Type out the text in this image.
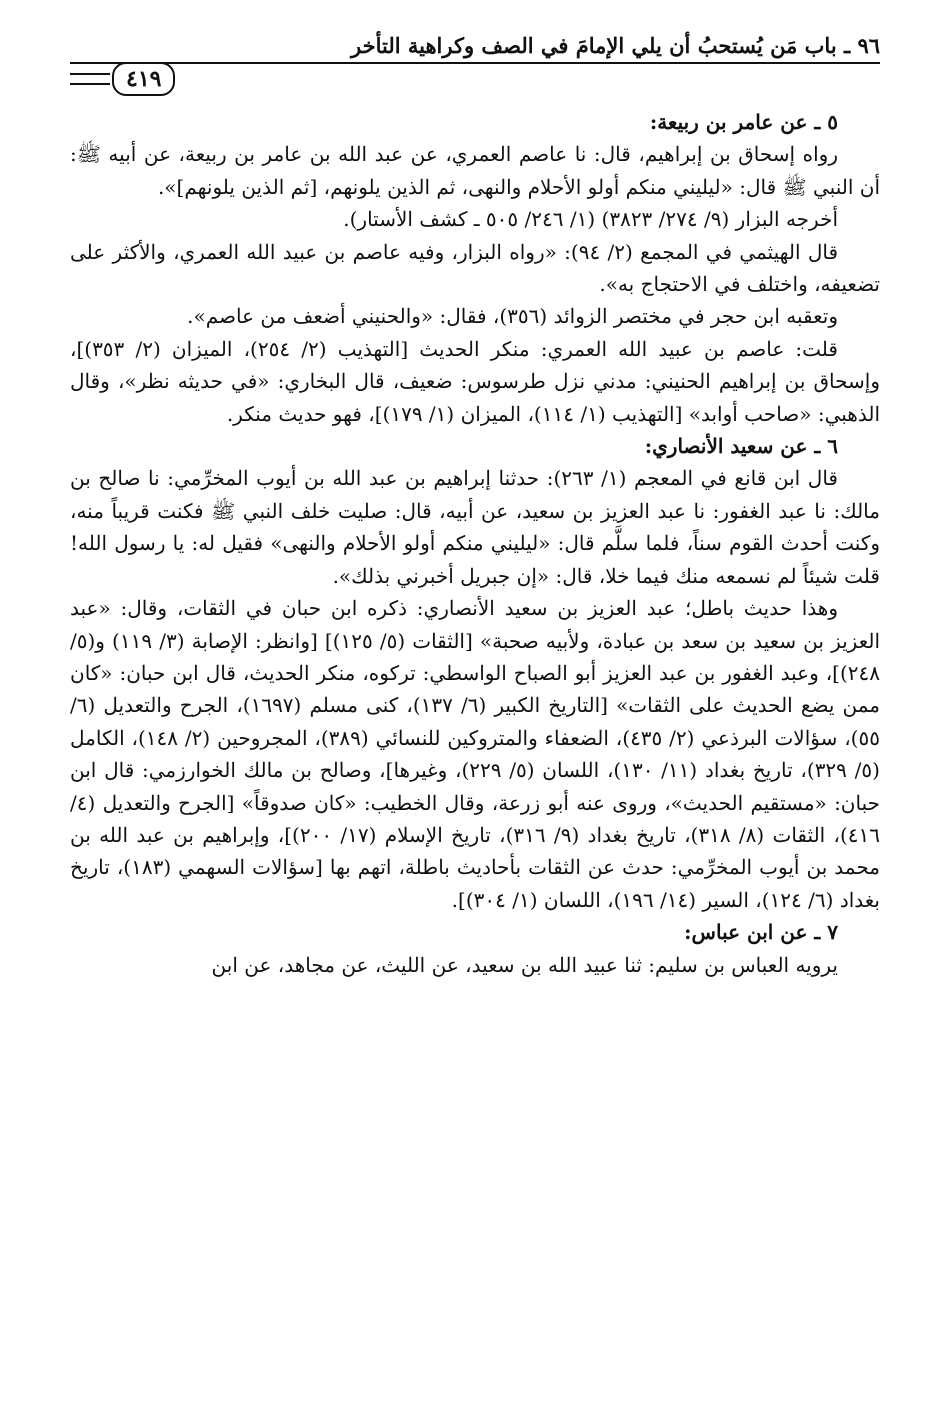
٩٦ ـ باب مَن يُستحبُ أن يلي الإمامَ في الصف وكراهية التأخر
٤١٩

٥ ـ عن عامر بن ربيعة:

رواه إسحاق بن إبراهيم، قال: نا عاصم العمري، عن عبد الله بن عامر بن ربيعة، عن أبيه ﷺ: أن النبي ﷺ قال: «ليليني منكم أولو الأحلام والنهى، ثم الذين يلونهم، [ثم الذين يلونهم]».

أخرجه البزار (٩/ ٢٧٤/ ٣٨٢٣) (١/ ٢٤٦/ ٥٠٥ ـ كشف الأستار).

قال الهيثمي في المجمع (٢/ ٩٤): «رواه البزار، وفيه عاصم بن عبيد الله العمري، والأكثر على تضعيفه، واختلف في الاحتجاج به».

وتعقبه ابن حجر في مختصر الزوائد (٣٥٦)، فقال: «والحنيني أضعف من عاصم».

قلت: عاصم بن عبيد الله العمري: منكر الحديث [التهذيب (٢/ ٢٥٤)، الميزان (٢/ ٣٥٣)]، وإسحاق بن إبراهيم الحنيني: مدني نزل طرسوس: ضعيف، قال البخاري: «في حديثه نظر»، وقال الذهبي: «صاحب أوابد» [التهذيب (١/ ١١٤)، الميزان (١/ ١٧٩)]، فهو حديث منكر.

٦ ـ عن سعيد الأنصاري:

قال ابن قانع في المعجم (١/ ٢٦٣): حدثنا إبراهيم بن عبد الله بن أيوب المخرِّمي: نا صالح بن مالك: نا عبد الغفور: نا عبد العزيز بن سعيد، عن أبيه، قال: صليت خلف النبي ﷺ فكنت قريباً منه، وكنت أحدث القوم سناً، فلما سلَّم قال: «ليليني منكم أولو الأحلام والنهى» فقيل له: يا رسول الله! قلت شيئاً لم نسمعه منك فيما خلا، قال: «إن جبريل أخبرني بذلك».

وهذا حديث باطل؛ عبد العزيز بن سعيد الأنصاري: ذكره ابن حبان في الثقات، وقال: «عبد العزيز بن سعيد بن سعد بن عبادة، ولأبيه صحبة» [الثقات (٥/ ١٢٥)] [وانظر: الإصابة (٣/ ١١٩) و(٥/ ٢٤٨)]، وعبد الغفور بن عبد العزيز أبو الصباح الواسطي: تركوه، منكر الحديث، قال ابن حبان: «كان ممن يضع الحديث على الثقات» [التاريخ الكبير (٦/ ١٣٧)، كنى مسلم (١٦٩٧)، الجرح والتعديل (٦/ ٥٥)، سؤالات البرذعي (٢/ ٤٣٥)، الضعفاء والمتروكين للنسائي (٣٨٩)، المجروحين (٢/ ١٤٨)، الكامل (٥/ ٣٢٩)، تاريخ بغداد (١١/ ١٣٠)، اللسان (٥/ ٢٢٩)، وغيرها]، وصالح بن مالك الخوارزمي: قال ابن حبان: «مستقيم الحديث»، وروى عنه أبو زرعة، وقال الخطيب: «كان صدوقاً» [الجرح والتعديل (٤/ ٤١٦)، الثقات (٨/ ٣١٨)، تاريخ بغداد (٩/ ٣١٦)، تاريخ الإسلام (١٧/ ٢٠٠)]، وإبراهيم بن عبد الله بن محمد بن أيوب المخرِّمي: حدث عن الثقات بأحاديث باطلة، اتهم بها [سؤالات السهمي (١٨٣)، تاريخ بغداد (٦/ ١٢٤)، السير (١٤/ ١٩٦)، اللسان (١/ ٣٠٤)].

٧ ـ عن ابن عباس:

يرويه العباس بن سليم: ثنا عبيد الله بن سعيد، عن الليث، عن مجاهد، عن ابن
